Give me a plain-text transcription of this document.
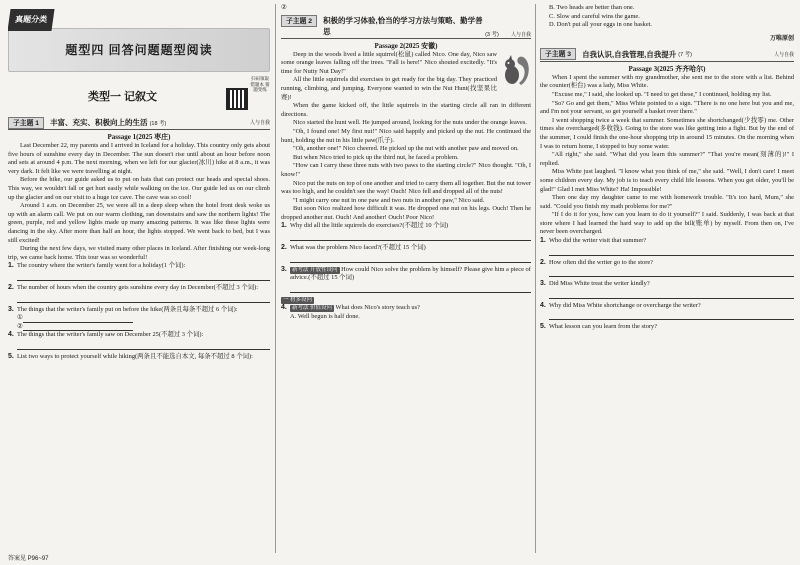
中考
真题分类
题型四 回答问题题型阅读
类型一 记叙文
扫码领取 错题本 猜题变练
子主题 1	丰富、充实、积极向上的生活 (18 考)	人与自我
Passage 1(2025 枣庄)

Last December 22, my parents and I arrived in Iceland for a holiday. This country only gets about five hours of sunshine every day in December. The sun doesn't rise until about an hour before noon and sets at around 4 p.m. The next morning, when we left for our glacier(冰川) hike at 8 a.m., it was very dark. It felt like we were travelling at night.

Before the hike, our guide asked us to put on hats that can protect our heads and special shoes. This way, we wouldn't fall or get hurt easily while walking on the ice. Our guide led us on our climb up the glacier and on our visit to a huge ice cave. The cave was so cool!

Around 1 a.m. on December 25, we were all in a deep sleep when the hotel front desk woke us up with an alarm call. We put on our warm clothing, ran downstairs and saw the northern lights! The green, purple, red and yellow lights made up many amazing patterns. It was like these lights were dancing in the sky. After more than half an hour, the lights stopped. We went back to bed, but I was still excited!

During the next few days, we visited many other places in Iceland. After finishing our week-long trip, we came back home. This tour was so wonderful!

1. The country where the writer's family went for a holiday(1 个词):
2. The number of hours when the country gets sunshine every day in December(不超过 3 个词):
3. The things that the writer's family put on before the hike(两条且每条不超过 6 个词):
①
②
4. The things that the writer's family saw on December 25(不超过 3 个词):
5. List two ways to protect yourself while hiking(两条且不能选自本文, 每条不超过 8 个词):
答案见 P96~97
②
子主题 2	积极的学习体验,恰当的学习方法与策略、勤学善思	(3 考) 人与自我
Passage 2(2025 安徽)

Deep in the woods lived a little squirrel(松鼠) called Nico. One day, Nico saw some orange leaves falling off the trees. "Fall is here!" Nico shouted excitedly. "It's time for Nutty Nut Day!"

All the little squirrels did exercises to get ready for the big day. They practiced running, climbing, and jumping. Everyone wanted to win the Nut Hunt(找坚果比赛)!

When the game kicked off, the little squirrels in the starting circle all ran in different directions.

Nico started the hunt well. He jumped around, looking for the nuts under the orange leaves.

"Oh, I found one! My first nut!" Nico said happily and picked up the nut. He continued the hunt, holding the nut in his little paw(爪子).

"Oh, another one!" Nico cheered. He picked up the nut with another paw and moved on.

But when Nico tried to pick up the third nut, he faced a problem.

"How can I carry these three nuts with two paws to the starting circle?" Nico thought. "Oh, I know!"

Nico put the nuts on top of one another and tried to carry them all together. But the nut tower was too high, and he couldn't see the way! Ouch! Nico fell and dropped all of the nuts!

"I might carry one nut in one paw and two nuts in another paw," Nico said.

But soon Nico realized how difficult it was. He dropped one nut on his legs. Ouch! Then he dropped another nut. Ouch! And another! Ouch! Poor Nico!

1. Why did all the little squirrels do exercises?(不超过 10 个词)
2. What was the problem Nico faced?(不超过 15 个词)
3. 新考法 开放性设问 How could Nico solve the problem by himself? Please give him a piece of advice.(不超过 15 个词)
一 材多设问
4. 新考法 价值设问 What does Nico's story teach us?
A. Well begun is half done.
B. Two heads are better than one.
C. Slow and careful wins the game.
D. Don't put all your eggs in one basket.
万唯原创
子主题 3	自我认识,自我管理,自我提升 (7 考)	人与自我
Passage 3(2025 齐齐哈尔)

When I spent the summer with my grandmother, she sent me to the store with a list. Behind the counter(柜台) was a lady, Miss White.

"Excuse me," I said, she looked up. "I need to get these," I continued, holding my list.

"So? Go and get them," Miss White pointed to a sign. "There is no one here but you and me, and I'm not your servant, so get yourself a basket over there."

I went shopping twice a week that summer. Sometimes she shortchanged(少找零) me. Other times she overcharged(多收钱). Going to the store was like getting into a fight. But by the end of the summer, I could finish the one-hour shopping trip in around 15 minutes. On the morning when I was to return home, I stopped to buy some water.

"All right," she said. "What did you learn this summer?" "That you're mean(刻薄的)!" I replied.

Miss White just laughed. "I know what you think of me," she said. "Well, I don't care! I meet some children every day. My job is to teach every child life lessons. When you get older, you'll be glad!" Glad I met Miss White? Ha! Impossible!

Then one day my daughter came to me with homework trouble. "It's too hard, Mum," she said. "Could you finish my math problems for me?"

"If I do it for you, how can you learn to do it yourself?" I said. Suddenly, I was back at that store where I had learned the hard way to add up the bill(账单) by myself. From then on, I've never been overcharged.

1. Who did the writer visit that summer?
2. How often did the writer go to the store?
3. Did Miss White treat the writer kindly?
4. Why did Miss White shortchange or overcharge the writer?
5. What lesson can you learn from the story?
